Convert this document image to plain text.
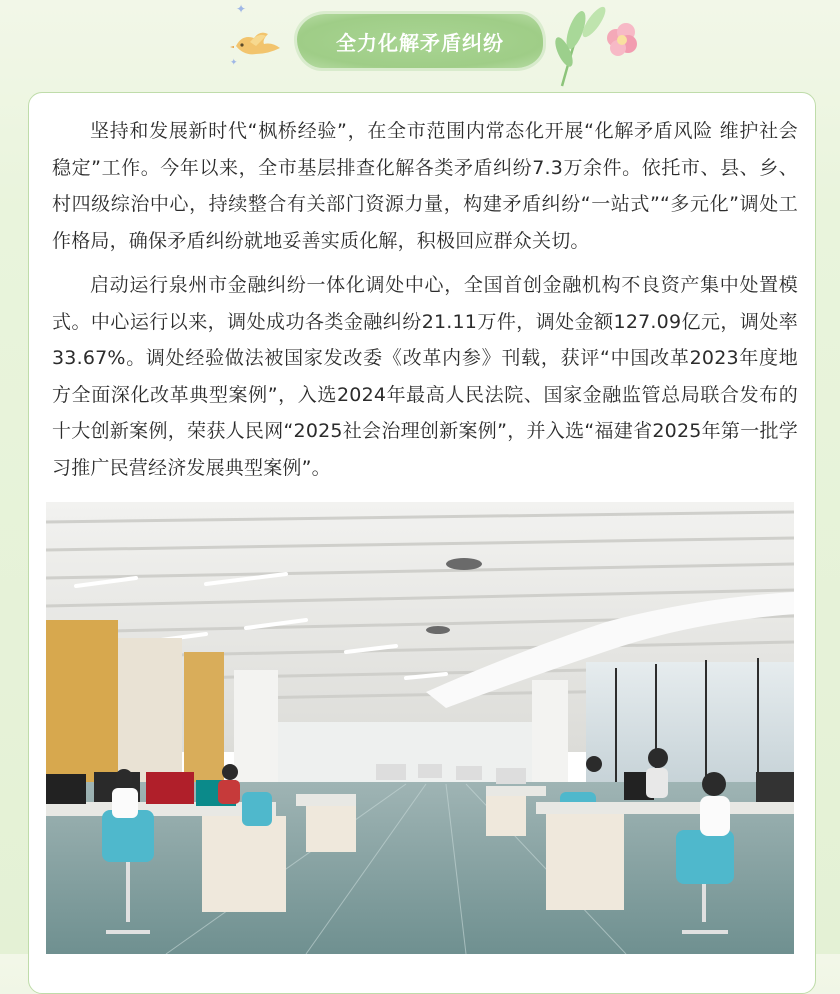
✦
✦
全力化解矛盾纠纷

坚持和发展新时代“枫桥经验”，在全市范围内常态化开展“化解矛盾风险 维护社会稳定”工作。今年以来，全市基层排查化解各类矛盾纠纷7.3万余件。依托市、县、乡、村四级综治中心，持续整合有关部门资源力量，构建矛盾纠纷“一站式”“多元化”调处工作格局，确保矛盾纠纷就地妥善实质化解，积极回应群众关切。

启动运行泉州市金融纠纷一体化调处中心，全国首创金融机构不良资产集中处置模式。中心运行以来，调处成功各类金融纠纷21.11万件，调处金额127.09亿元，调处率33.67%。调处经验做法被国家发改委《改革内参》刊载，获评“中国改革2023年度地方全面深化改革典型案例”，入选2024年最高人民法院、国家金融监管总局联合发布的十大创新案例，荣获人民网“2025社会治理创新案例”，并入选“福建省2025年第一批学习推广民营经济发展典型案例”。
